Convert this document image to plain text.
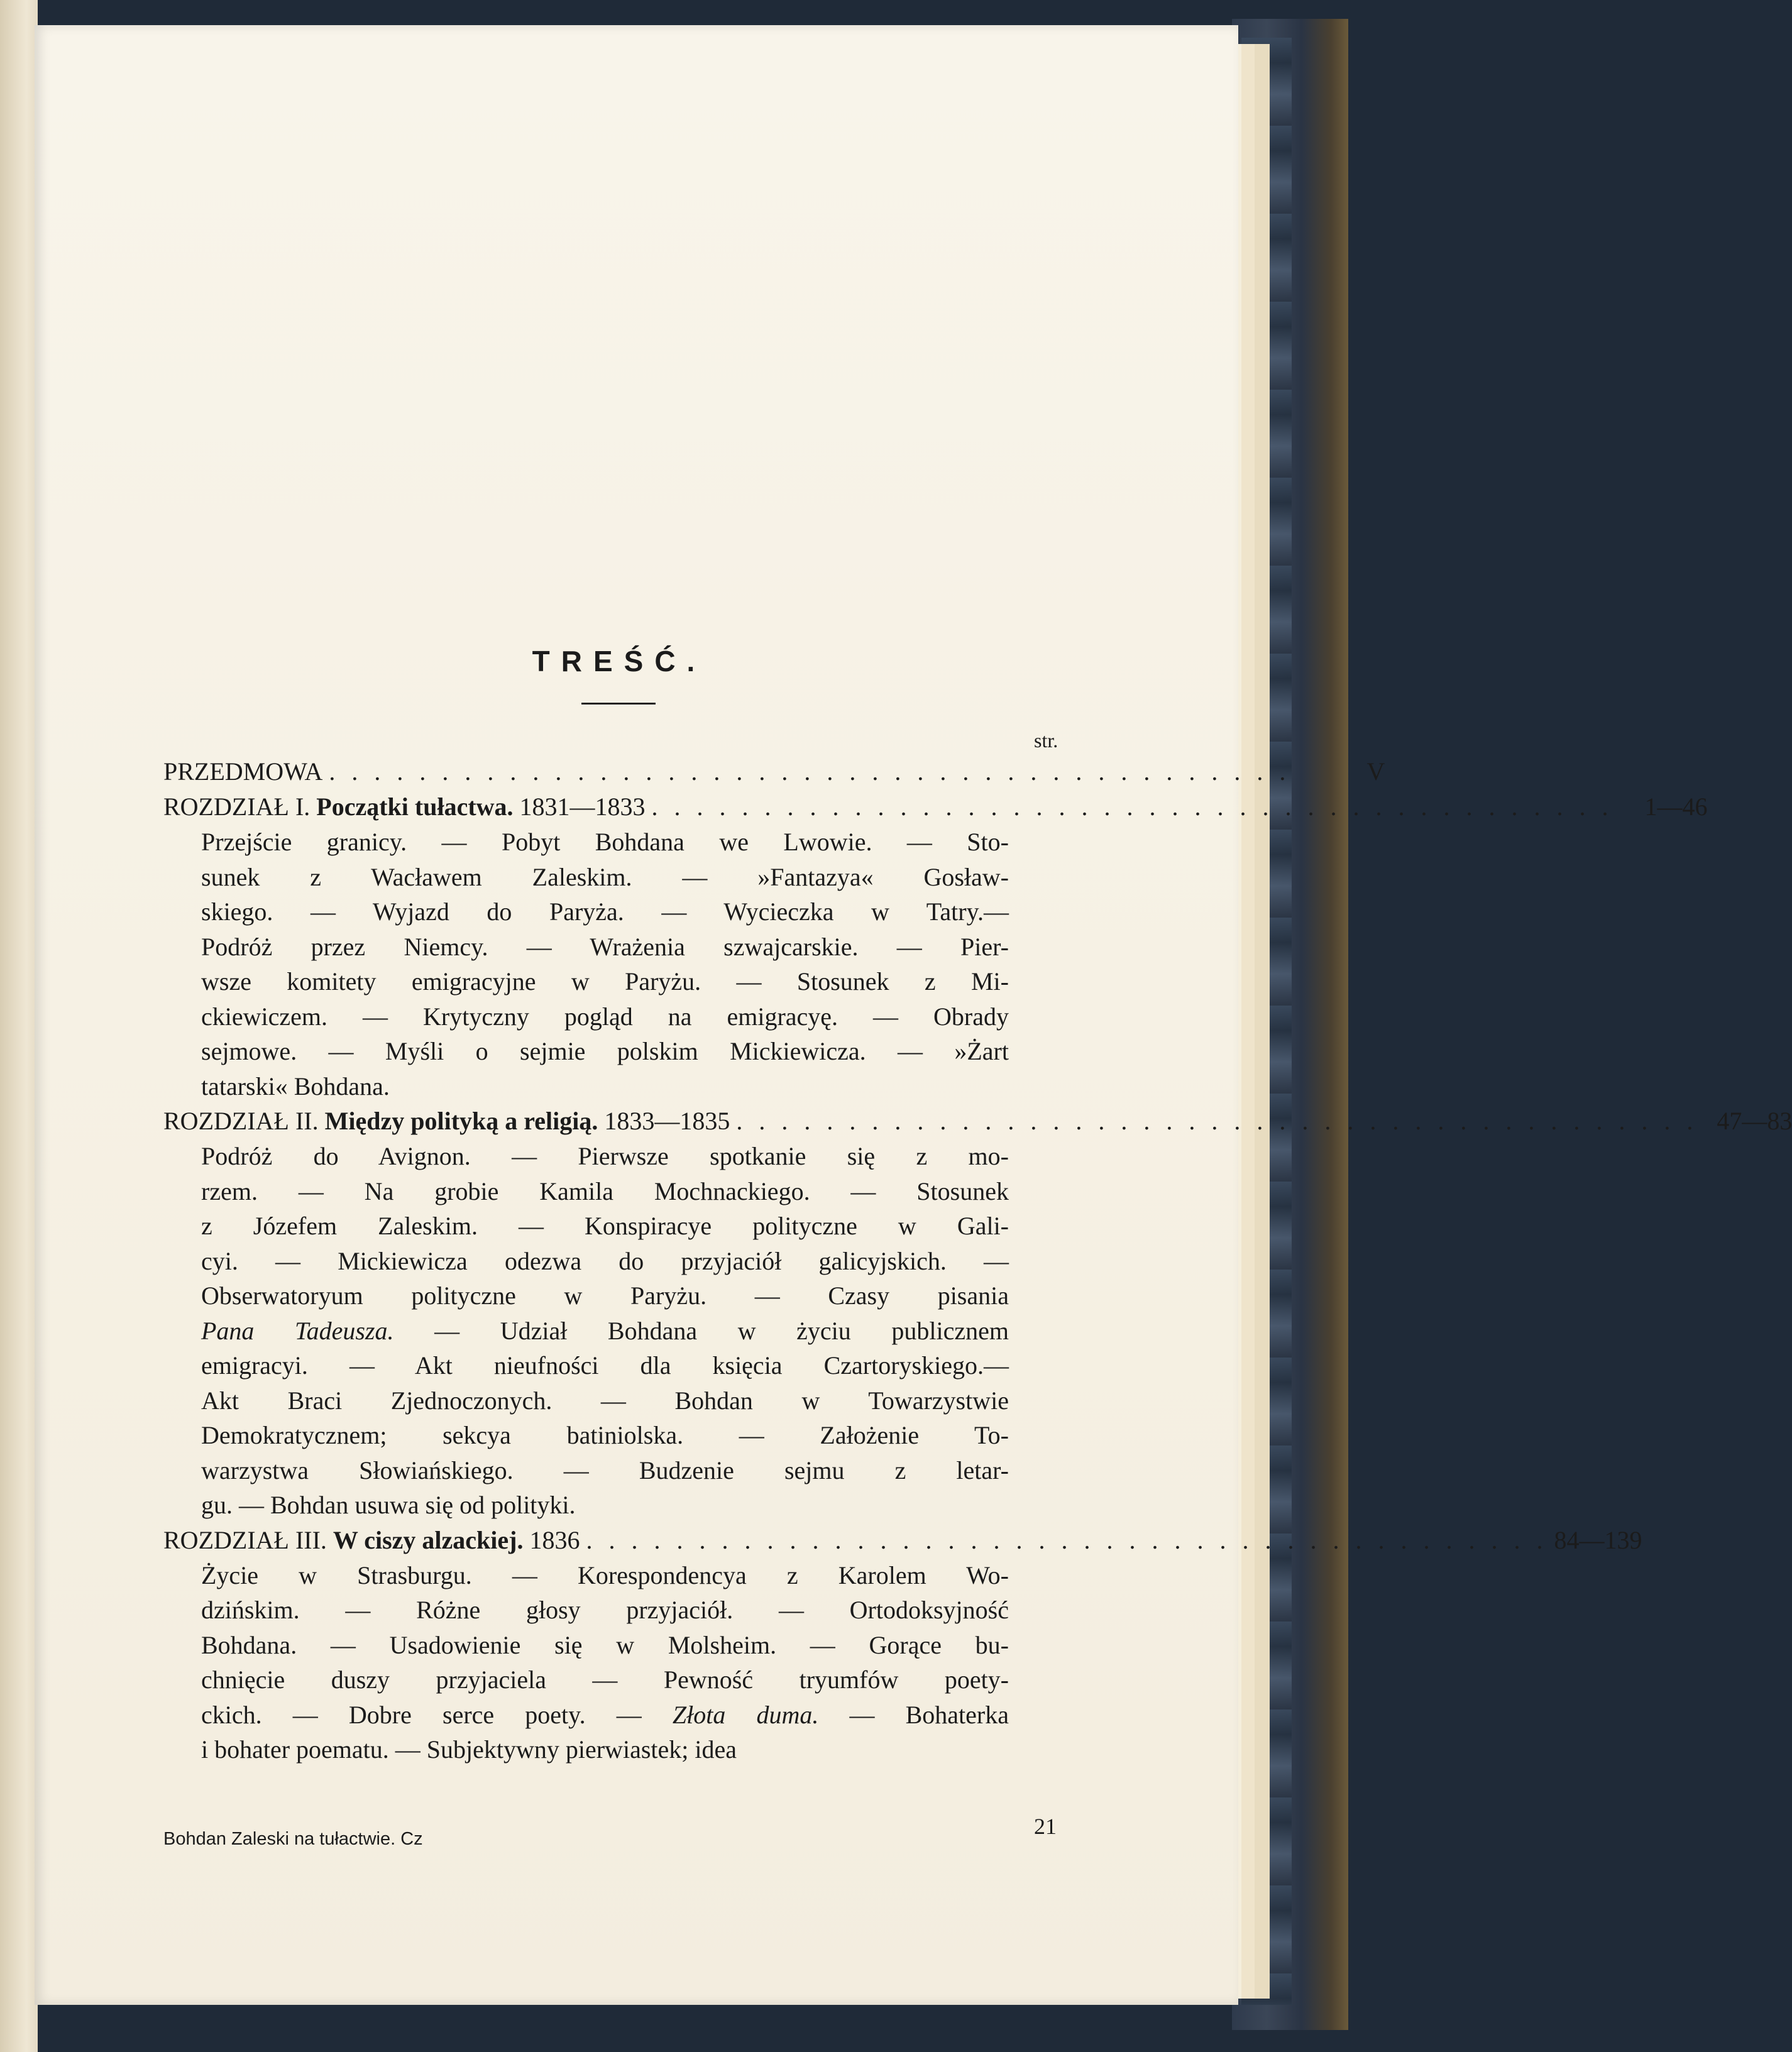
TREŚĆ.
str.
PRZEDMOWA . . . . . . . . . . . . . . . . . . . . . . . . . . . . . . . . . . . . . . . . . . .	V
ROZDZIAŁ I. Początki tułactwa. 1831—1833 . . . . . . . . . . . . . . . . . . . . . . . . . . . . . . . . . . . . . . . . . . .	1—46
Przejście granicy. — Pobyt Bohdana we Lwowie. — Sto-
sunek z Wacławem Zaleskim. — »Fantazya« Gosław-
skiego. — Wyjazd do Paryża. — Wycieczka w Tatry.—
Podróż przez Niemcy. — Wrażenia szwajcarskie. — Pier-
wsze komitety emigracyjne w Paryżu. — Stosunek z Mi-
ckiewiczem. — Krytyczny pogląd na emigracyę. — Obrady
sejmowe. — Myśli o sejmie polskim Mickiewicza. — »Żart
tatarski« Bohdana.
ROZDZIAŁ II. Między polityką a religią. 1833—1835 . . . . . . . . . . . . . . . . . . . . . . . . . . . . . . . . . . . . . . . . . . . 47—83
Podróż do Avignon. — Pierwsze spotkanie się z mo-
rzem. — Na grobie Kamila Mochnackiego. — Stosunek
z Józefem Zaleskim. — Konspiracye polityczne w Gali-
cyi. — Mickiewicza odezwa do przyjaciół galicyjskich. —
Obserwatoryum polityczne w Paryżu. — Czasy pisania
Pana Tadeusza. — Udział Bohdana w życiu publicznem
emigracyi. — Akt nieufności dla księcia Czartoryskiego.—
Akt Braci Zjednoczonych. — Bohdan w Towarzystwie
Demokratycznem; sekcya batiniolska. — Założenie To-
warzystwa Słowiańskiego. — Budzenie sejmu z letar-
gu. — Bohdan usuwa się od polityki.
ROZDZIAŁ III. W ciszy alzackiej. 1836 . . . . . . . . . . . . . . . . . . . . . . . . . . . . . . . . . . . . . . . . . . . 84—139
Życie w Strasburgu. — Korespondencya z Karolem Wo-
dzińskim. — Różne głosy przyjaciół. — Ortodoksyjność
Bohdana. — Usadowienie się w Molsheim. — Gorące bu-
chnięcie duszy przyjaciela — Pewność tryumfów poety-
ckich. — Dobre serce poety. — Złota duma. — Bohaterka
i bohater poematu. — Subjektywny pierwiastek; idea
Bohdan Zaleski na tułactwie. Cz	21
